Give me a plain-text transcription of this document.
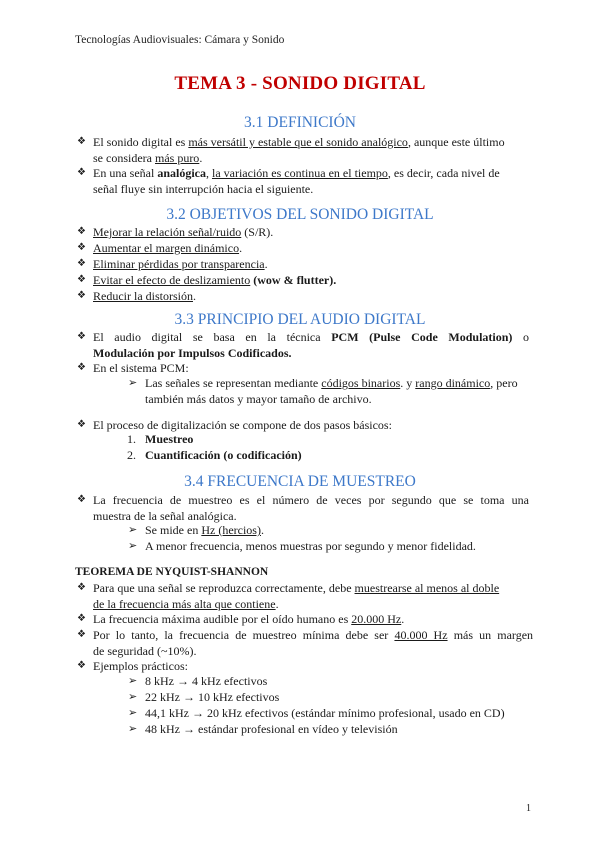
Tecnologías Audiovisuales: Cámara y Sonido
TEMA 3 - SONIDO DIGITAL
3.1 DEFINICIÓN
❖ El sonido digital es más versátil y estable que el sonido analógico, aunque este último
se considera más puro.
❖ En una señal analógica, la variación es continua en el tiempo, es decir, cada nivel de
señal fluye sin interrupción hacia el siguiente.
3.2 OBJETIVOS DEL SONIDO DIGITAL
❖ Mejorar la relación señal/ruido (S/R).
❖ Aumentar el margen dinámico.
❖ Eliminar pérdidas por transparencia.
❖ Evitar el efecto de deslizamiento (wow & flutter).
❖ Reducir la distorsión.
3.3 PRINCIPIO DEL AUDIO DIGITAL
❖ El audio digital se basa en la técnica PCM (Pulse Code Modulation) o
Modulación por Impulsos Codificados.
❖ En el sistema PCM:
➢ Las señales se representan mediante códigos binarios. y rango dinámico, pero
también más datos y mayor tamaño de archivo.
❖ El proceso de digitalización se compone de dos pasos básicos:
1. Muestreo
2. Cuantificación (o codificación)
3.4 FRECUENCIA DE MUESTREO
❖ La frecuencia de muestreo es el número de veces por segundo que se toma una
muestra de la señal analógica.
➢ Se mide en Hz (hercios).
➢ A menor frecuencia, menos muestras por segundo y menor fidelidad.
TEOREMA DE NYQUIST-SHANNON
❖ Para que una señal se reproduzca correctamente, debe muestrearse al menos al doble
de la frecuencia más alta que contiene.
❖ La frecuencia máxima audible por el oído humano es 20.000 Hz.
❖ Por lo tanto, la frecuencia de muestreo mínima debe ser 40.000 Hz más un margen
de seguridad (~10%).
❖ Ejemplos prácticos:
➢ 8 kHz → 4 kHz efectivos
➢ 22 kHz → 10 kHz efectivos
➢ 44,1 kHz → 20 kHz efectivos (estándar mínimo profesional, usado en CD)
➢ 48 kHz → estándar profesional en vídeo y televisión
1
